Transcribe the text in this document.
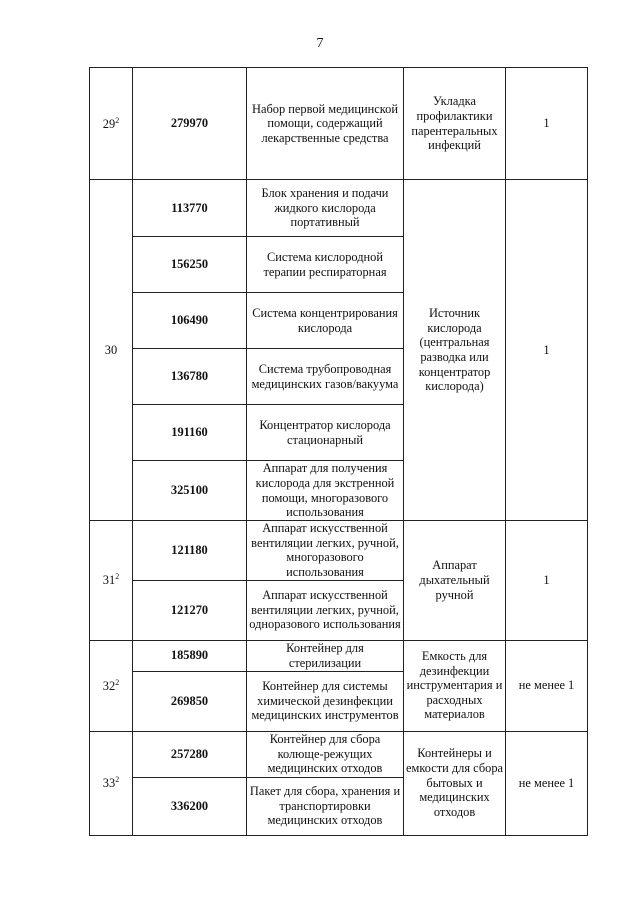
7
$29^2$	279970	Набор первой медицинской помощи, содержащий лекарственные средства	Укладка профилактики парентеральных инфекций	1
30	113770	Блок хранения и подачи жидкого кислорода портативный	Источник кислорода (центральная разводка или концентратор кислорода)	1
	156250	Система кислородной терапии респираторная		
	106490	Система концентрирования кислорода		
	136780	Система трубопроводная медицинских газов/вакуума		
	191160	Концентратор кислорода стационарный		
	325100	Аппарат для получения кислорода для экстренной помощи, многоразового использования		
$31^2$	121180	Аппарат искусственной вентиляции легких, ручной, многоразового использования	Аппарат дыхательный ручной	1
	121270	Аппарат искусственной вентиляции легких, ручной, одноразового использования		
$32^2$	185890	Контейнер для стерилизации	Емкость для дезинфекции инструментария и расходных материалов	не менее 1
	269850	Контейнер для системы химической дезинфекции медицинских инструментов		
$33^2$	257280	Контейнер для сбора колюще-режущих медицинских отходов	Контейнеры и емкости для сбора бытовых и медицинских отходов	не менее 1
	336200	Пакет для сбора, хранения и транспортировки медицинских отходов		
